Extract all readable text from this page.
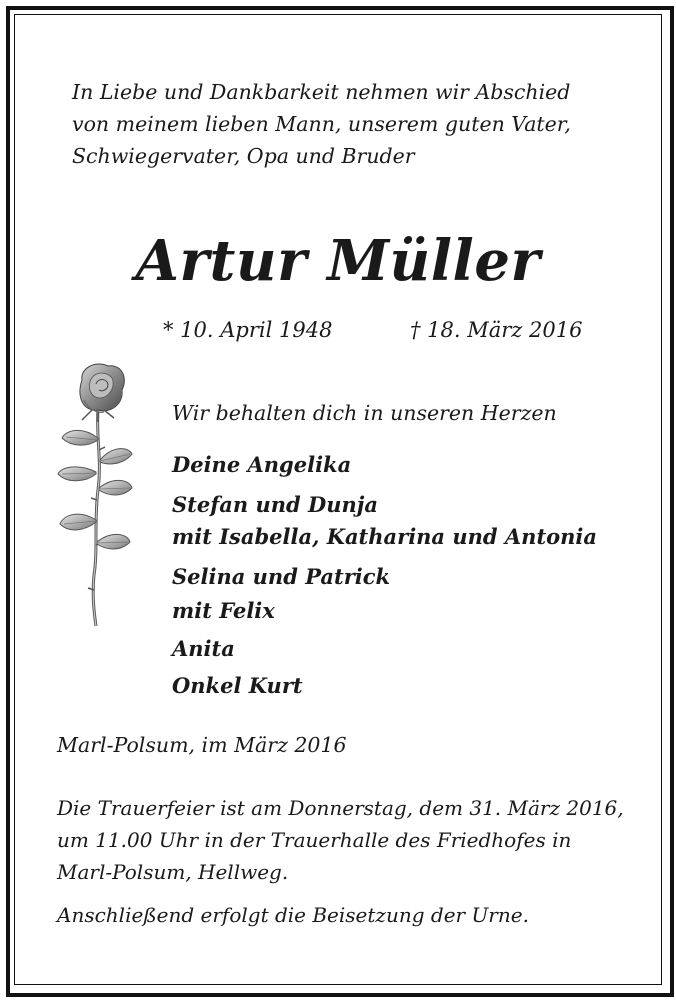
In Liebe und Dankbarkeit nehmen wir Abschied
von meinem lieben Mann, unserem guten Vater,
Schwiegervater, Opa und Bruder
Artur Müller
* 10. April 1948	† 18. März 2016
Wir behalten dich in unseren Herzen
Deine Angelika
Stefan und Dunja
mit Isabella, Katharina und Antonia
Selina und Patrick
mit Felix
Anita
Onkel Kurt
Marl-Polsum, im März 2016
Die Trauerfeier ist am Donnerstag, dem 31. März 2016,
um 11.00 Uhr in der Trauerhalle des Friedhofes in
Marl-Polsum, Hellweg.
Anschließend erfolgt die Beisetzung der Urne.
